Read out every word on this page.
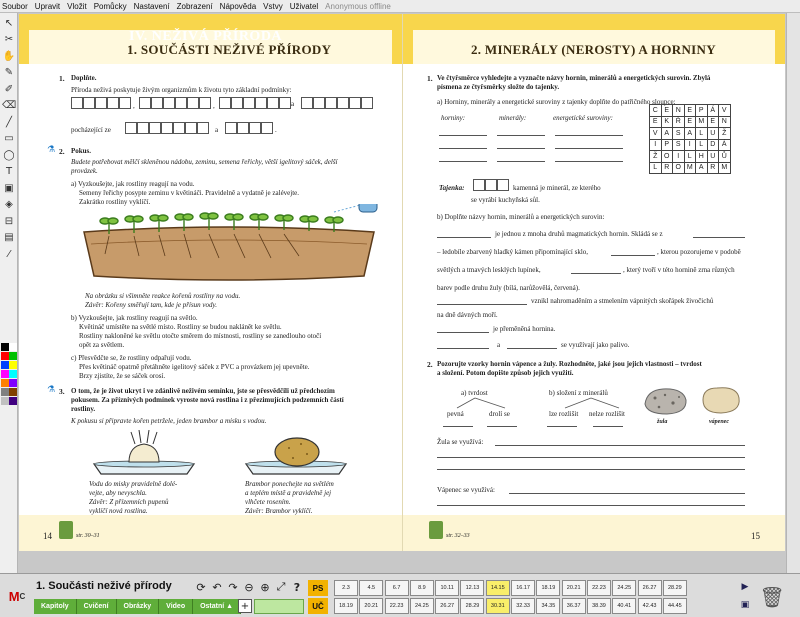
Soubor Upravit Vložit Pomůcky Nastavení Zobrazení Nápověda Vstvy Uživatel Anonymous offline
↖
✂
✋
✎
✐
⌫
╱
▭
◯
T
▣
◈
⊟
▤
⁄
IV. NEŽIVÁ PŘÍRODA
1. SOUČÁSTI NEŽIVÉ PŘÍRODY
1. Doplňte.
Příroda neživá poskytuje živým organizmům k životu tyto základní podmínky:
,	,	a
pocházející ze	a	.
⚗ 2. Pokus.
Budete potřebovat mělčí skleněnou nádobu, zeminu, semena řeřichy, větší igelitový sáček, delší
provázek.
a) Vyzkoušejte, jak rostliny reagují na vodu.
Semeny řeřichy posypte zeminu v květináči. Pravidelně a vydatně je zalévejte.
Zakrátko rostliny vyklíčí.
Na obrázku si všimněte reakce kořenů rostliny na vodu.
Závěr: Kořeny směřují tam, kde je přísun vody.
b) Vyzkoušejte, jak rostliny reagují na světlo.
Květináč umístěte na světlé místo. Rostliny se budou naklánět ke světlu.
Rostliny nakloněné ke světlu otočte směrem do místnosti, rostliny se zanedlouho otočí
opět za světlem.
c) Přesvědčte se, že rostliny odpařují vodu.
Přes květináč opatrně přetáhněte igelitový sáček z PVC a provázkem jej upevněte.
Brzy zjistíte, že se sáček orosí.
⚗ 3. O tom, že je život ukryt i ve zdánlivě neživém semínku, jste se přesvědčili už předchozím
pokusem. Za příznivých podmínek vyroste nová rostlina i z přezimujících podzemních částí
rostliny.
K pokusu si připravte kořen petržele, jeden brambor a misku s vodou.
Vodu do misky pravidelně dolé-
vejte, aby nevyschla.
Závěr: Z přízemních pupenů
vyklíčí nová rostlina.
Brambor ponechejte na světlém
a teplém místě a pravidelně jej
vlhčete rosením.
Závěr: Brambor vyklíčí.
14	str. 30–31
2. MINERÁLY (NEROSTY) A HORNINY
1. Ve čtyřsměrce vyhledejte a vyznačte názvy hornin, minerálů a energetických surovin. Zbylá
písmena ze čtyřsměrky složte do tajenky.
a) Horniny, minerály a energetické suroviny z tajenky doplňte do patřičného sloupce:
horniny:	minerály:	energetické suroviny:
C	E	N	E	P	Á	V
E	K	Ř	E	M	E	N
V	A	S	A	L	U	Ž
I	P	S	I	L	D	Á
Ž	O	I	L	H	U	Ů
L	R	O	M	A	R	M
Tajenka:	kamenná je minerál, ze kterého
se vyrábí kuchyňská sůl.
b) Doplňte názvy hornin, minerálů a energetických surovin:
je jednou z mnoha druhů magmatických hornin. Skládá se z
– ledobíle zbarvený hladký kámen připomínající sklo,	, kterou pozorujeme v podobě
světlých a tmavých lesklých lupínek,	, který tvoří v této hornině zrna různých
barev podle druhu žuly (bílá, narůžovělá, červená).
vznikl nahromaděním a stmelením vápnitých skořápek živočichů
na dně dávných moří.
je přeměněná hornina.
a	se využívají jako palivo.
2. Pozorujte vzorky hornin vápence a žuly. Rozhodněte, jaké jsou jejich vlastnosti – tvrdost
a složení. Potom dopište způsob jejich využití.
a) tvrdost	b) složení z minerálů
pevná	drolí se	lze rozlišit nelze rozlišit
žula	vápenec
Žula se využívá:
Vápenec se využívá:
str. 32–33	15
M C
1. Součásti neživé přírody
Kapitoly	Cvičení	Obrázky	Video	Ostatní
▲
⟳ ↶ ↷ ⊖ ⊕ ⤢ ?
+
PS
UČ
2.3	4.5	6.7	8.9	10.11	12.13	14.15	16.17	18.19	20.21	22.23	24.25	26.27	28.29
18.19	20.21	22.23	24.25	26.27	28.29	30.31	32.33	34.35	36.37	38.39	40.41	42.43	44.45
▶
▣ 🗑
